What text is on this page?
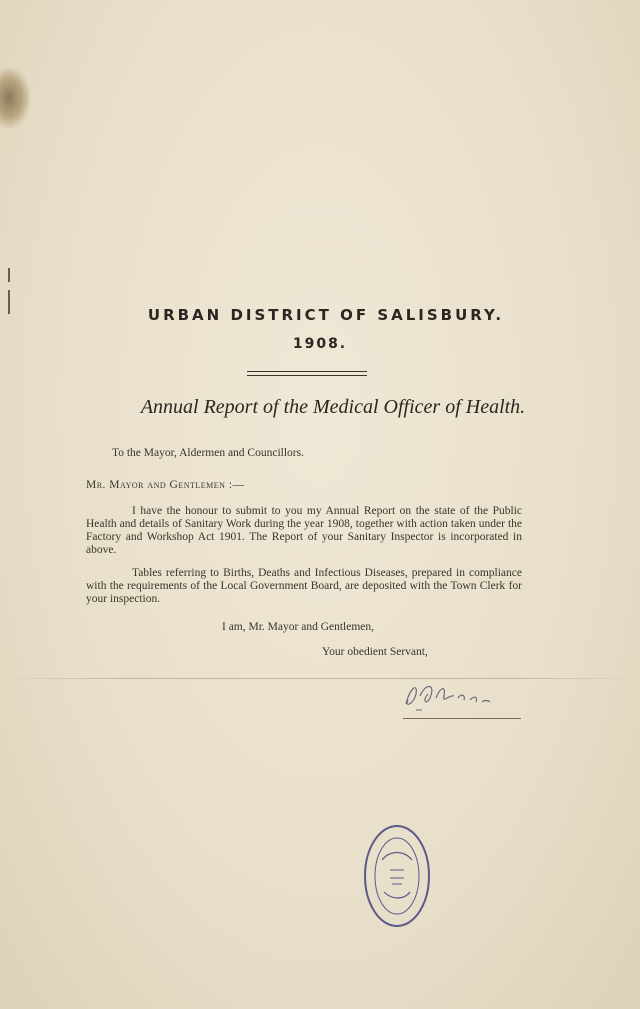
URBAN DISTRICT OF SALISBURY.
1908.
Annual Report of the Medical Officer of Health.
To the Mayor, Aldermen and Councillors.
Mr. Mayor and Gentlemen :—
I have the honour to submit to you my Annual Report on the state of the Public Health and details of Sanitary Work during the year 1908, together with action taken under the Factory and Workshop Act 1901. The Report of your Sanitary Inspector is incorporated in above.
Tables referring to Births, Deaths and Infectious Diseases, prepared in compliance with the requirements of the Local Government Board, are deposited with the Town Clerk for your inspection.
I am, Mr. Mayor and Gentlemen,
Your obedient Servant,
